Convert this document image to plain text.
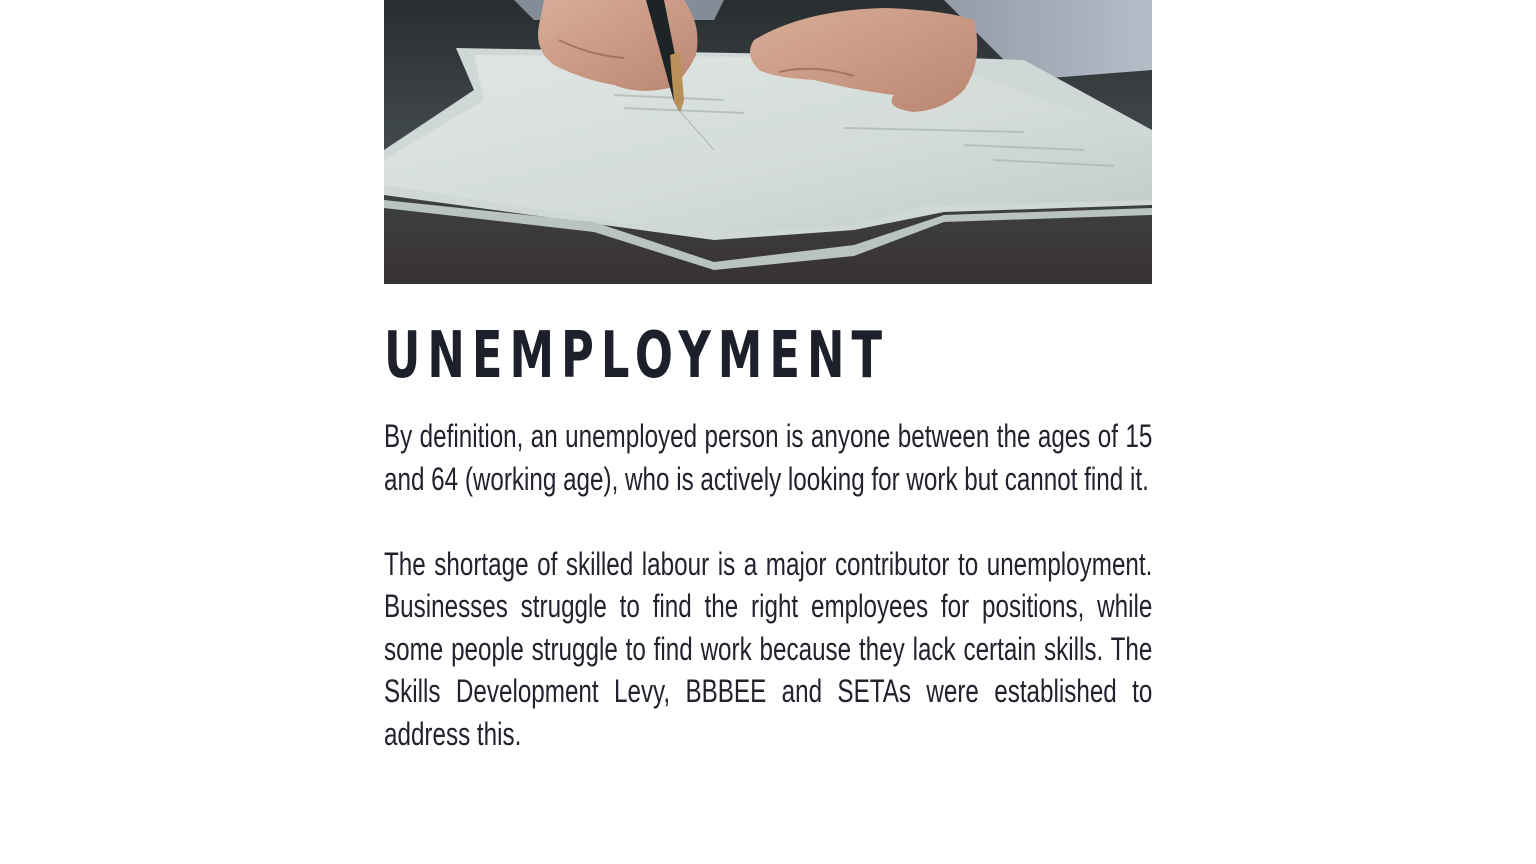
UNEMPLOYMENT

By definition, an unemployed person is anyone between the ages of 15 and 64 (working age), who is actively looking for work but cannot find it.

The shortage of skilled labour is a major contributor to unemployment. Businesses struggle to find the right employees for positions, while some people struggle to find work because they lack certain skills. The Skills Development Levy, BBBEE and SETAs were established to address this.
